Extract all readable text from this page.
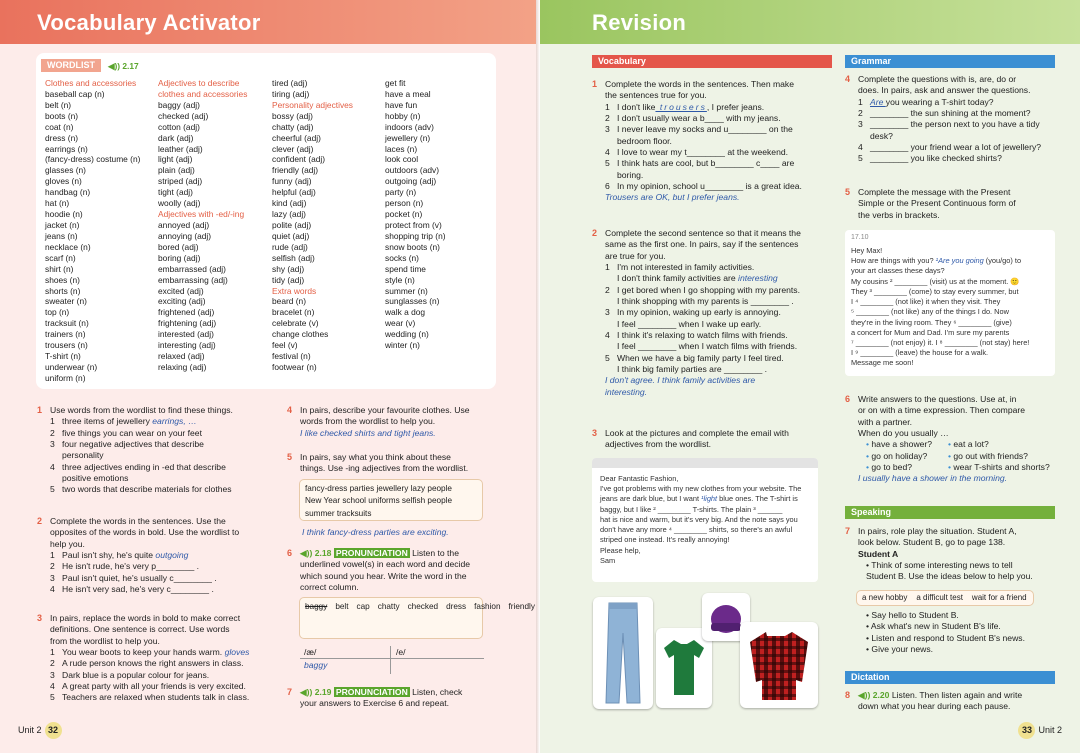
Vocabulary Activator
WORDLIST	◀)) 2.17
Clothes and accessories
baseball cap (n)
belt (n)
boots (n)
coat (n)
dress (n)
earrings (n)
(fancy-dress) costume (n)
glasses (n)
gloves (n)
handbag (n)
hat (n)
hoodie (n)
jacket (n)
jeans (n)
necklace (n)
scarf (n)
shirt (n)
shoes (n)
shorts (n)
sweater (n)
top (n)
tracksuit (n)
trainers (n)
trousers (n)
T-shirt (n)
underwear (n)
uniform (n)
Adjectives to describe
clothes and accessories
baggy (adj)
checked (adj)
cotton (adj)
dark (adj)
leather (adj)
light (adj)
plain (adj)
striped (adj)
tight (adj)
woolly (adj)
Adjectives with -ed/-ing
annoyed (adj)
annoying (adj)
bored (adj)
boring (adj)
embarrassed (adj)
embarrassing (adj)
excited (adj)
exciting (adj)
frightened (adj)
frightening (adj)
interested (adj)
interesting (adj)
relaxed (adj)
relaxing (adj)
tired (adj)
tiring (adj)
Personality adjectives
bossy (adj)
chatty (adj)
cheerful (adj)
clever (adj)
confident (adj)
friendly (adj)
funny (adj)
helpful (adj)
kind (adj)
lazy (adj)
polite (adj)
quiet (adj)
rude (adj)
selfish (adj)
shy (adj)
tidy (adj)
Extra words
beard (n)
bracelet (n)
celebrate (v)
change clothes
feel (v)
festival (n)
footwear (n)
get fit
have a meal
have fun
hobby (n)
indoors (adv)
jewellery (n)
laces (n)
look cool
outdoors (adv)
outgoing (adj)
party (n)
person (n)
pocket (n)
protect from (v)
shopping trip (n)
snow boots (n)
socks (n)
spend time
style (n)
summer (n)
sunglasses (n)
walk a dog
wear (v)
wedding (n)
winter (n)
1 Use words from the wordlist to find these things.
1 three items of jewellery earrings, …
2 five things you can wear on your feet
3 four negative adjectives that describe
personality
4 three adjectives ending in -ed that describe
positive emotions
5 two words that describe materials for clothes
2 Complete the words in the sentences. Use the
opposites of the words in bold. Use the wordlist to
help you.
1 Paul isn't shy, he's quite outgoing
2 He isn't rude, he's very p________ .
3 Paul isn't quiet, he's usually c________ .
4 He isn't very sad, he's very c________ .
3 In pairs, replace the words in bold to make correct
definitions. One sentence is correct. Use words
from the wordlist to help you.
1 You wear boots to keep your hands warm. gloves
2 A rude person knows the right answers in class.
3 Dark blue is a popular colour for jeans.
4 A great party with all your friends is very excited.
5 Teachers are relaxed when students talk in class.
4 In pairs, describe your favourite clothes. Use
words from the wordlist to help you.
I like checked shirts and tight jeans.
5 In pairs, say what you think about these
things. Use -ing adjectives from the wordlist.
fancy-dress parties jewellery lazy people
New Year school uniforms selfish people
summer tracksuits
I think fancy-dress parties are exciting.
6 ◀)) 2.18 PRONUNCIATION Listen to the
underlined vowel(s) in each word and decide
which sound you hear. Write the word in the
correct column.
baggy belt cap chatty checked dress fashion friendly
/æ/	/e/
baggy
7 ◀)) 2.19 PRONUNCIATION Listen, check
your answers to Exercise 6 and repeat.
Unit 2 32
Revision
Vocabulary
1 Complete the words in the sentences. Then make
the sentences true for you.
1 I don't like trousers, I prefer jeans.
2 I don't usually wear a b____ with my jeans.
3 I never leave my socks and u________ on the
bedroom floor.
4 I love to wear my t________ at the weekend.
5 I think hats are cool, but b________ c____ are
boring.
6 In my opinion, school u________ is a great idea.
Trousers are OK, but I prefer jeans.
2 Complete the second sentence so that it means the
same as the first one. In pairs, say if the sentences
are true for you.
1 I'm not interested in family activities.
I don't think family activities are interesting
2 I get bored when I go shopping with my parents.
I think shopping with my parents is ________ .
3 In my opinion, waking up early is annoying.
I feel ________ when I wake up early.
4 I think it's relaxing to watch films with friends.
I feel ________ when I watch films with friends.
5 When we have a big family party I feel tired.
I think big family parties are ________ .
I don't agree. I think family activities are
interesting.
3 Look at the pictures and complete the email with
adjectives from the wordlist.
Dear Fantastic Fashion,
I've got problems with my new clothes from your website. The
jeans are dark blue, but I want ¹light blue ones. The T-shirt is
baggy, but I like ² ________ T-shirts. The plain ³ ______
hat is nice and warm, but it's very big. And the note says you
don't have any more ⁴ ________ shirts, so there's an awful
striped one instead. It's really annoying!
Please help,
Sam
Grammar
4 Complete the questions with is, are, do or
does. In pairs, ask and answer the questions.
1 Are you wearing a T-shirt today?
2 ________ the sun shining at the moment?
3 ________ the person next to you have a tidy
desk?
4 ________ your friend wear a lot of jewellery?
5 ________ you like checked shirts?
5 Complete the message with the Present
Simple or the Present Continuous form of
the verbs in brackets.
17.10
Hey Max!
How are things with you? ¹Are you going (you/go) to
your art classes these days?
My cousins ² ________ (visit) us at the moment. 🙂
They ³ ________ (come) to stay every summer, but
I ⁴ ________ (not like) it when they visit. They
⁵ ________ (not like) any of the things I do. Now
they're in the living room. They ⁶ ________ (give)
a concert for Mum and Dad. I'm sure my parents
⁷ ________ (not enjoy) it. I ⁸ ________ (not stay) here!
I ⁹ ________ (leave) the house for a walk.
Message me soon!
6 Write answers to the questions. Use at, in
or on with a time expression. Then compare
with a partner.
When do you usually …
• have a shower? • eat a lot?
• go on holiday? • go out with friends?
• go to bed?	• wear T-shirts and shorts?
I usually have a shower in the morning.
Speaking
7 In pairs, role play the situation. Student A,
look below. Student B, go to page 138.
Student A
• Think of some interesting news to tell
Student B. Use the ideas below to help you.
a new hobby a difficult test wait for a friend
• Say hello to Student B.
• Ask what's new in Student B's life.
• Listen and respond to Student B's news.
• Give your news.
Dictation
8 ◀)) 2.20 Listen. Then listen again and write
down what you hear during each pause.
33 Unit 2
